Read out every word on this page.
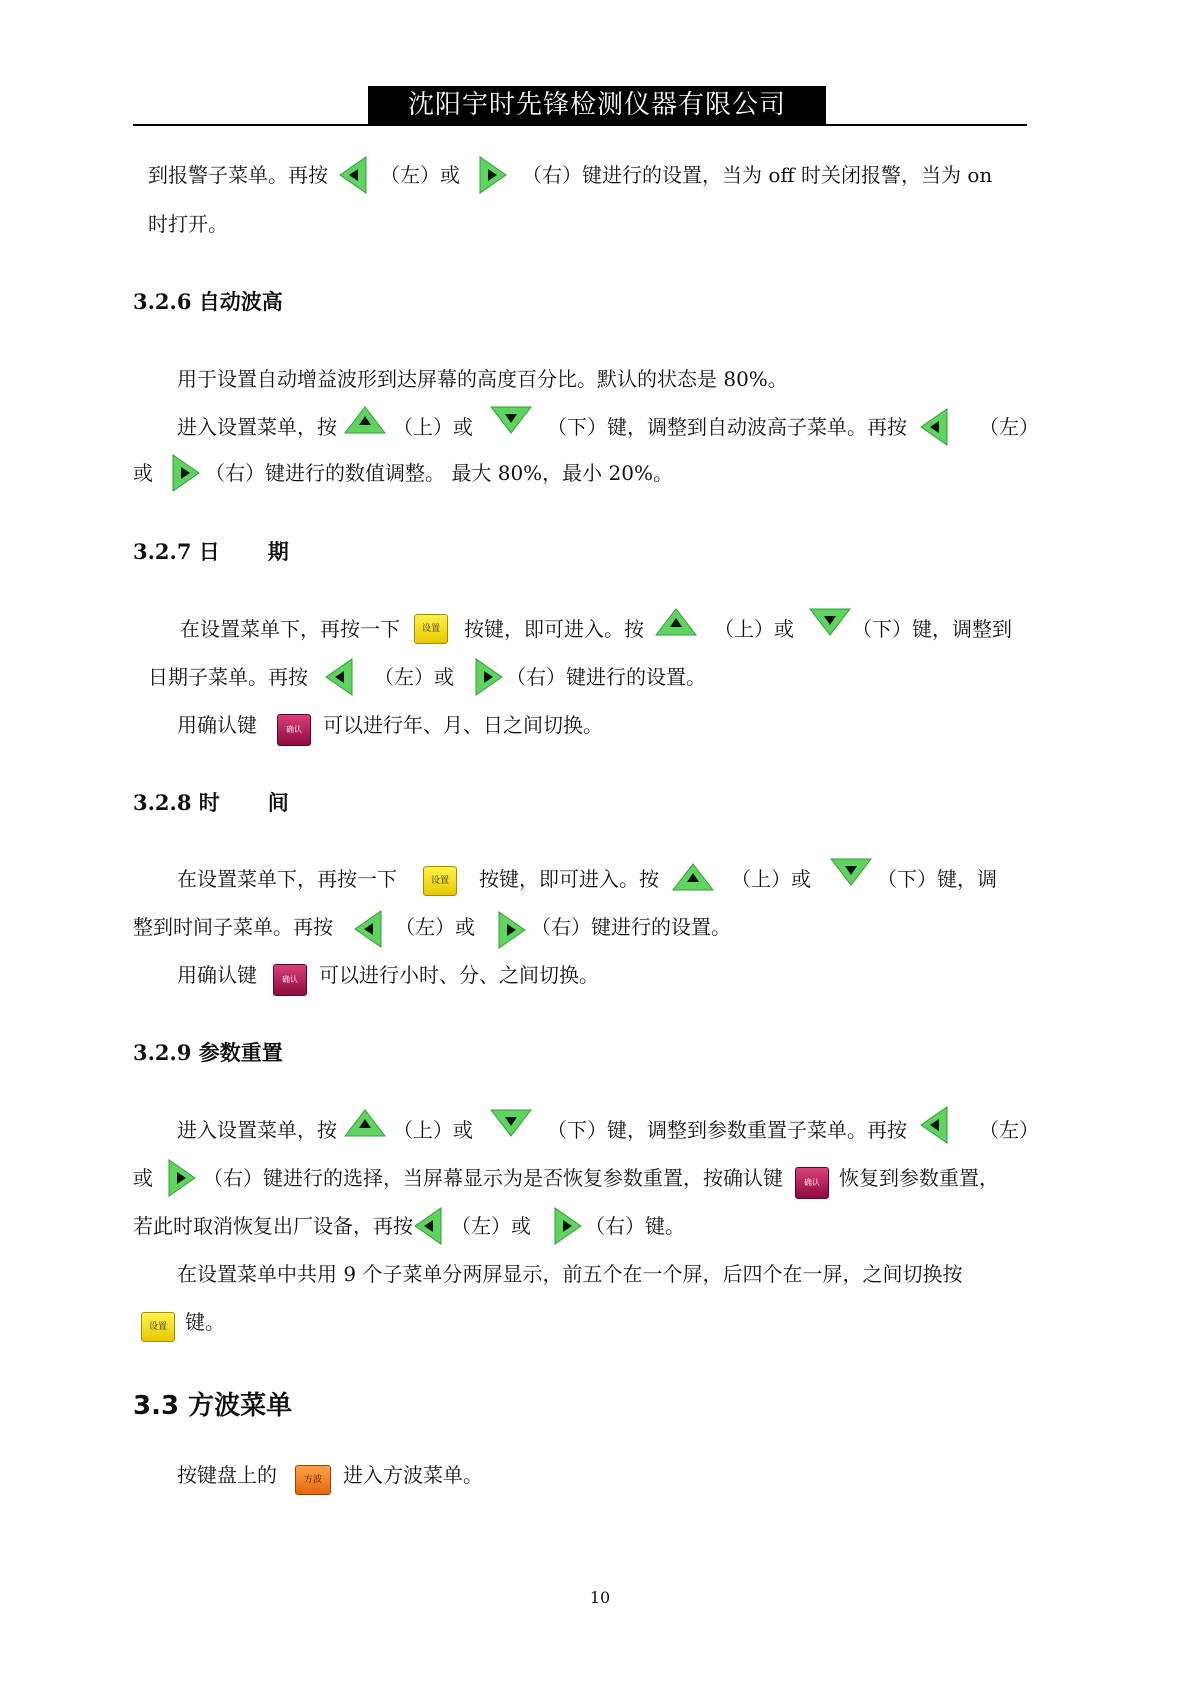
沈阳宇时先锋检测仪器有限公司
到报警子菜单。再按	（左）或	（右）键进行的设置，当为 off 时关闭报警，当为 on
时打开。
3.2.6 自动波高
用于设置自动增益波形到达屏幕的高度百分比。默认的状态是 80%。
进入设置菜单，按	（上）或	（下）键，调整到自动波高子菜单。再按	（左）
或	（右）键进行的数值调整。 最大 80%，最小 20%。
3.2.7 日 期
在设置菜单下，再按一下	设置	按键，即可进入。按	（上）或	（下）键，调整到
日期子菜单。再按	（左）或	（右）键进行的设置。
用确认键	确认	可以进行年、月、日之间切换。
3.2.8 时 间
在设置菜单下，再按一下	设置	按键，即可进入。按	（上）或	（下）键，调
整到时间子菜单。再按	（左）或	（右）键进行的设置。
用确认键	确认	可以进行小时、分、之间切换。
3.2.9 参数重置
进入设置菜单，按	（上）或	（下）键，调整到参数重置子菜单。再按	（左）
或	（右）键进行的选择，当屏幕显示为是否恢复参数重置，按确认键	确认 恢复到参数重置，
若此时取消恢复出厂设备，再按 （左）或	（右）键。
在设置菜单中共用 9 个子菜单分两屏显示，前五个在一个屏，后四个在一屏，之间切换按
设置 键。
3.3 方波菜单
按键盘上的	方波	进入方波菜单。
10
